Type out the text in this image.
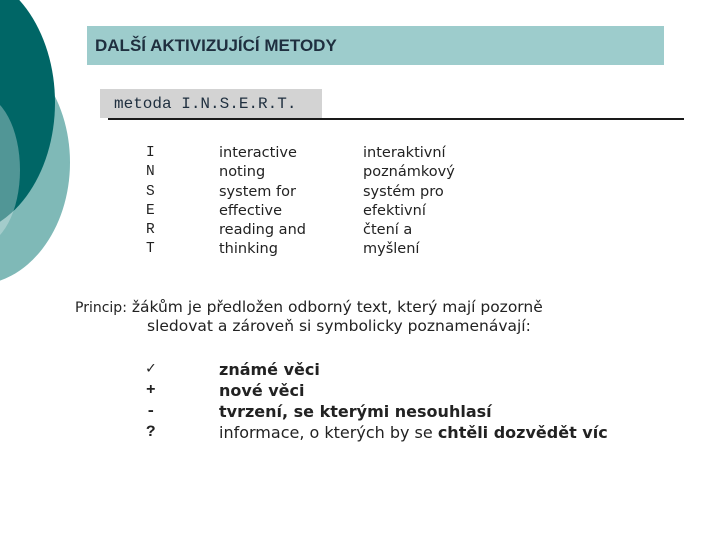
DALŠÍ AKTIVIZUJÍCÍ METODY
metoda I.N.S.E.R.T.
I
N
S
E
R
T
interactive
noting
system for
effective
reading and
thinking
interaktivní
poznámkový
systém pro
efektivní
čtení a
myšlení
Princip: žákům je předložen odborný text, který mají pozorně
sledovat a zároveň si symbolicky poznamenávají:
✓
+
-
?
známé věci
nové věci
tvrzení, se kterými nesouhlasí
informace, o kterých by se chtěli dozvědět víc
